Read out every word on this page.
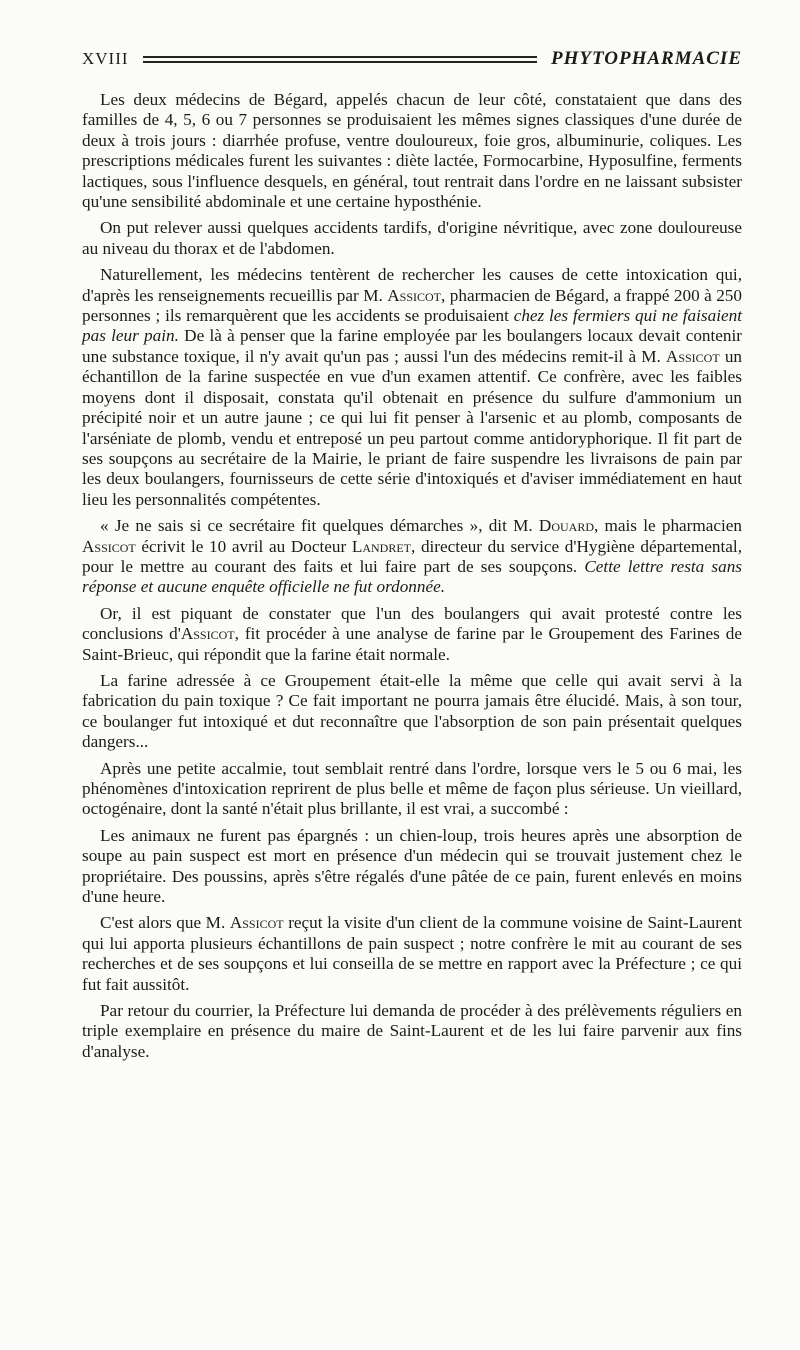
XVIII	PHYTOPHARMACIE

Les deux médecins de Bégard, appelés chacun de leur côté, constataient que dans des familles de 4, 5, 6 ou 7 personnes se produisaient les mêmes signes classiques d'une durée de deux à trois jours : diarrhée profuse, ventre douloureux, foie gros, albuminurie, coliques. Les prescriptions médicales furent les suivantes : diète lactée, Formocarbine, Hyposulfine, ferments lactiques, sous l'influence desquels, en général, tout rentrait dans l'ordre en ne laissant subsister qu'une sensibilité abdominale et une certaine hyposthénie.

On put relever aussi quelques accidents tardifs, d'origine névritique, avec zone douloureuse au niveau du thorax et de l'abdomen.

Naturellement, les médecins tentèrent de rechercher les causes de cette intoxication qui, d'après les renseignements recueillis par M. Assicot, pharmacien de Bégard, a frappé 200 à 250 personnes ; ils remarquèrent que les accidents se produisaient chez les fermiers qui ne faisaient pas leur pain. De là à penser que la farine employée par les boulangers locaux devait contenir une substance toxique, il n'y avait qu'un pas ; aussi l'un des médecins remit-il à M. Assicot un échantillon de la farine suspectée en vue d'un examen attentif. Ce confrère, avec les faibles moyens dont il disposait, constata qu'il obtenait en présence du sulfure d'ammonium un précipité noir et un autre jaune ; ce qui lui fit penser à l'arsenic et au plomb, composants de l'arséniate de plomb, vendu et entreposé un peu partout comme antidoryphorique. Il fit part de ses soupçons au secrétaire de la Mairie, le priant de faire suspendre les livraisons de pain par les deux boulangers, fournisseurs de cette série d'intoxiqués et d'aviser immédiatement en haut lieu les personnalités compétentes.

« Je ne sais si ce secrétaire fit quelques démarches », dit M. Douard, mais le pharmacien Assicot écrivit le 10 avril au Docteur Landret, directeur du service d'Hygiène départemental, pour le mettre au courant des faits et lui faire part de ses soupçons. Cette lettre resta sans réponse et aucune enquête officielle ne fut ordonnée.

Or, il est piquant de constater que l'un des boulangers qui avait protesté contre les conclusions d'Assicot, fit procéder à une analyse de farine par le Groupement des Farines de Saint-Brieuc, qui répondit que la farine était normale.

La farine adressée à ce Groupement était-elle la même que celle qui avait servi à la fabrication du pain toxique ? Ce fait important ne pourra jamais être élucidé. Mais, à son tour, ce boulanger fut intoxiqué et dut reconnaître que l'absorption de son pain présentait quelques dangers...

Après une petite accalmie, tout semblait rentré dans l'ordre, lorsque vers le 5 ou 6 mai, les phénomènes d'intoxication reprirent de plus belle et même de façon plus sérieuse. Un vieillard, octogénaire, dont la santé n'était plus brillante, il est vrai, a succombé :

Les animaux ne furent pas épargnés : un chien-loup, trois heures après une absorption de soupe au pain suspect est mort en présence d'un médecin qui se trouvait justement chez le propriétaire. Des poussins, après s'être régalés d'une pâtée de ce pain, furent enlevés en moins d'une heure.

C'est alors que M. Assicot reçut la visite d'un client de la commune voisine de Saint-Laurent qui lui apporta plusieurs échantillons de pain suspect ; notre confrère le mit au courant de ses recherches et de ses soupçons et lui conseilla de se mettre en rapport avec la Préfecture ; ce qui fut fait aussitôt.

Par retour du courrier, la Préfecture lui demanda de procéder à des prélèvements réguliers en triple exemplaire en présence du maire de Saint-Laurent et de les lui faire parvenir aux fins d'analyse.
